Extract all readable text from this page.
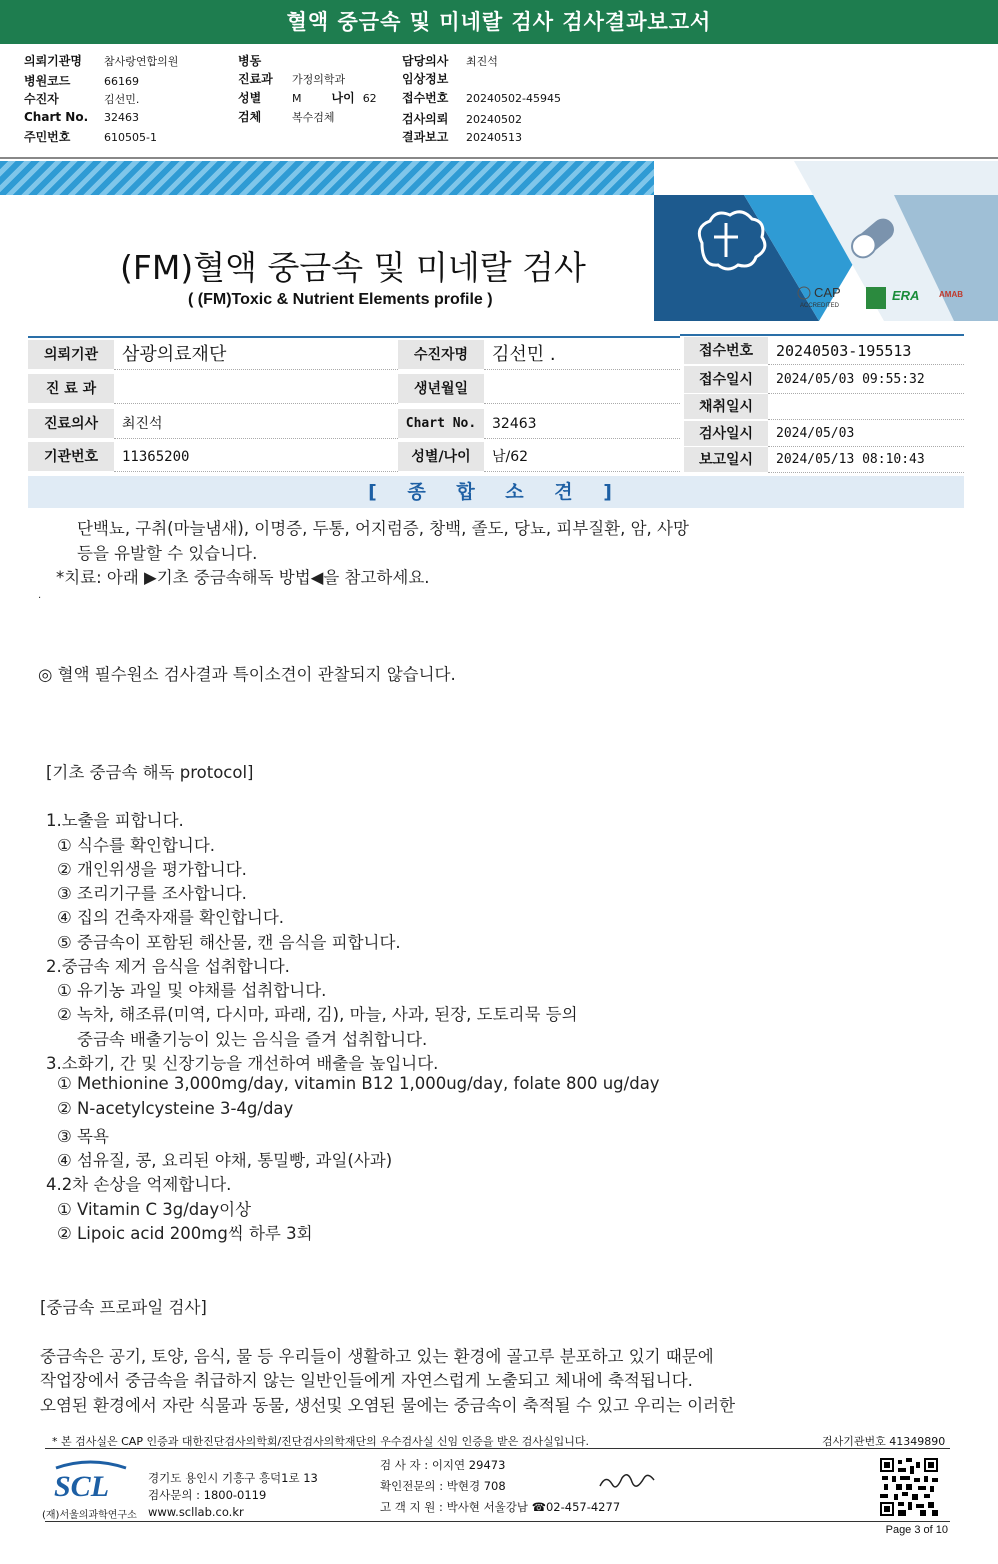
혈액 중금속 및 미네랄 검사 검사결과보고서
의뢰기관명 참사랑연합의원
병원코드	66169
수진자	김선민.
Chart No. 32463
주민번호	610505-1
병동
진료과 가정의학과
성별	M	나이 62
검체	복수검체
담당의사 최진석
임상정보
접수번호 20240502-45945
검사의뢰 20240502
결과보고 20240513
CAP
ACCREDITED
ERA AMAB
(FM)혈액 중금속 및 미네랄 검사
( (FM)Toxic & Nutrient Elements profile )
의뢰기관	삼광의료재단
진 료 과
진료의사	최진석
기관번호	11365200
수진자명	김선민 .
생년월일
Chart No.	32463
성별/나이	남/62
접수번호	20240503-195513
접수일시	2024/05/03 09:55:32
채취일시
검사일시	2024/05/03
보고일시	2024/05/13 08:10:43
[ 종 합 소 견 ]
단백뇨, 구취(마늘냄새), 이명증, 두통, 어지럼증, 창백, 졸도, 당뇨, 피부질환, 암, 사망
등을 유발할 수 있습니다.
*치료: 아래 ▶기초 중금속해독 방법◀을 참고하세요.
.
◎ 혈액 필수원소 검사결과 특이소견이 관찰되지 않습니다.
[기초 중금속 해독 protocol]
1.노출을 피합니다.
① 식수를 확인합니다.
② 개인위생을 평가합니다.
③ 조리기구를 조사합니다.
④ 집의 건축자재를 확인합니다.
⑤ 중금속이 포함된 해산물, 캔 음식을 피합니다.
2.중금속 제거 음식을 섭취합니다.
① 유기농 과일 및 야채를 섭취합니다.
② 녹차, 해조류(미역, 다시마, 파래, 김), 마늘, 사과, 된장, 도토리묵 등의
중금속 배출기능이 있는 음식을 즐겨 섭취합니다.
3.소화기, 간 및 신장기능을 개선하여 배출을 높입니다.
① Methionine 3,000mg/day, vitamin B12 1,000ug/day, folate 800 ug/day
② N-acetylcysteine 3-4g/day
③ 목욕
④ 섬유질, 콩, 요리된 야채, 통밀빵, 과일(사과)
4.2차 손상을 억제합니다.
① Vitamin C 3g/day이상
② Lipoic acid 200mg씩 하루 3회
[중금속 프로파일 검사]
중금속은 공기, 토양, 음식, 물 등 우리들이 생활하고 있는 환경에 골고루 분포하고 있기 때문에
작업장에서 중금속을 취급하지 않는 일반인들에게 자연스럽게 노출되고 체내에 축적됩니다.
오염된 환경에서 자란 식물과 동물, 생선및 오염된 물에는 중금속이 축적될 수 있고 우리는 이러한
* 본 검사실은 CAP 인증과 대한진단검사의학회/진단검사의학재단의 우수검사실 신임 인증을 받은 검사실입니다.	검사기관번호 41349890
SCL
(재)서울의과학연구소
경기도 용인시 기흥구 흥덕1로 13
검사문의 : 1800-0119
www.scllab.co.kr
검 사 자 : 이지연 29473
확인전문의 : 박현경 708
고 객 지 원 : 박사현 서울강남 ☎02-457-4277
Page 3 of 10
